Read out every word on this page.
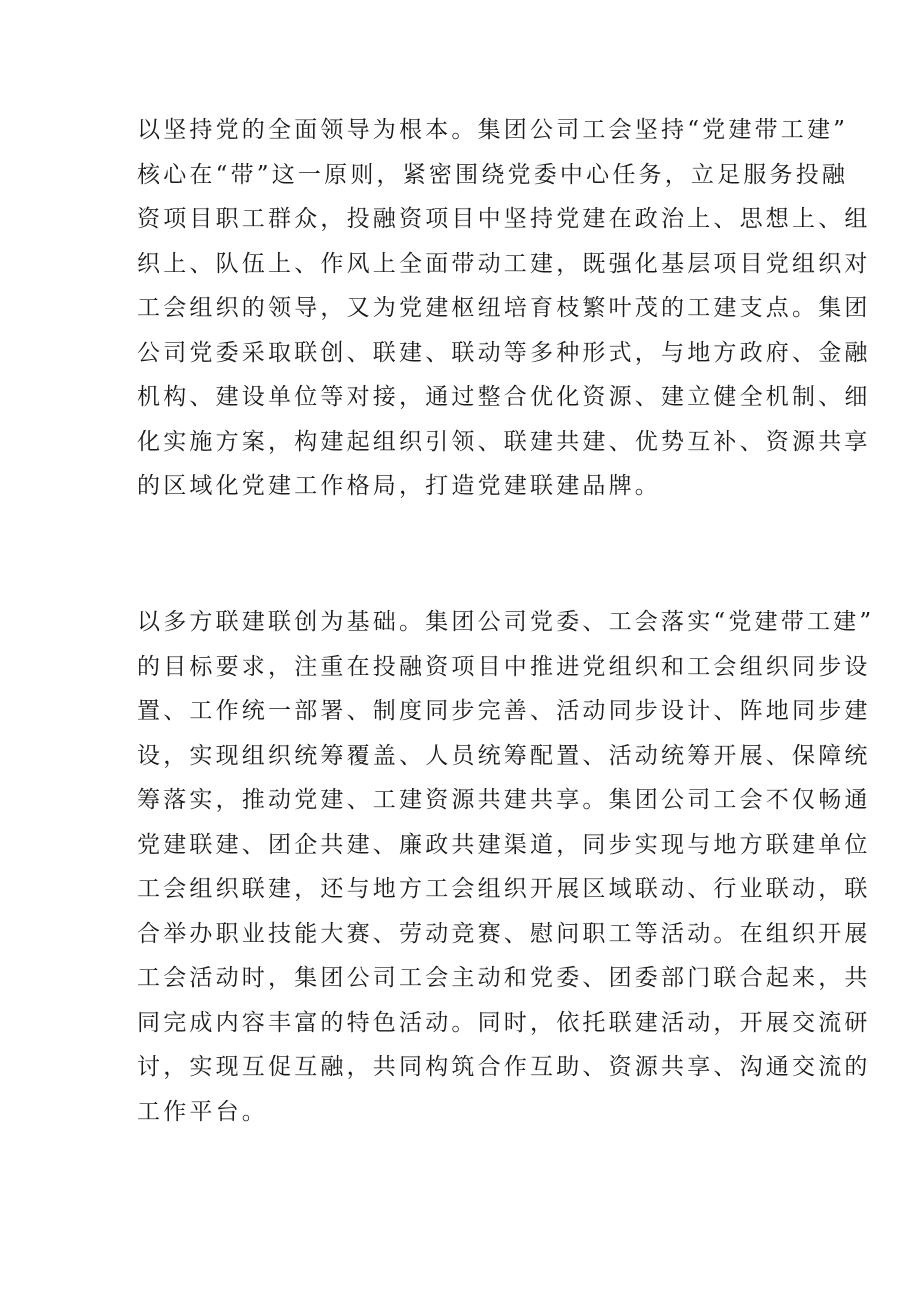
以坚持党的全面领导为根本。集团公司工会坚持“党建带工建”
核心在“带”这一原则，紧密围绕党委中心任务，立足服务投融
资项目职工群众，投融资项目中坚持党建在政治上、思想上、组
织上、队伍上、作风上全面带动工建，既强化基层项目党组织对
工会组织的领导，又为党建枢纽培育枝繁叶茂的工建支点。集团
公司党委采取联创、联建、联动等多种形式，与地方政府、金融
机构、建设单位等对接，通过整合优化资源、建立健全机制、细
化实施方案，构建起组织引领、联建共建、优势互补、资源共享
的区域化党建工作格局，打造党建联建品牌。
以多方联建联创为基础。集团公司党委、工会落实“党建带工建”
的目标要求，注重在投融资项目中推进党组织和工会组织同步设
置、工作统一部署、制度同步完善、活动同步设计、阵地同步建
设，实现组织统筹覆盖、人员统筹配置、活动统筹开展、保障统
筹落实，推动党建、工建资源共建共享。集团公司工会不仅畅通
党建联建、团企共建、廉政共建渠道，同步实现与地方联建单位
工会组织联建，还与地方工会组织开展区域联动、行业联动，联
合举办职业技能大赛、劳动竞赛、慰问职工等活动。在组织开展
工会活动时，集团公司工会主动和党委、团委部门联合起来，共
同完成内容丰富的特色活动。同时，依托联建活动，开展交流研
讨，实现互促互融，共同构筑合作互助、资源共享、沟通交流的
工作平台。
